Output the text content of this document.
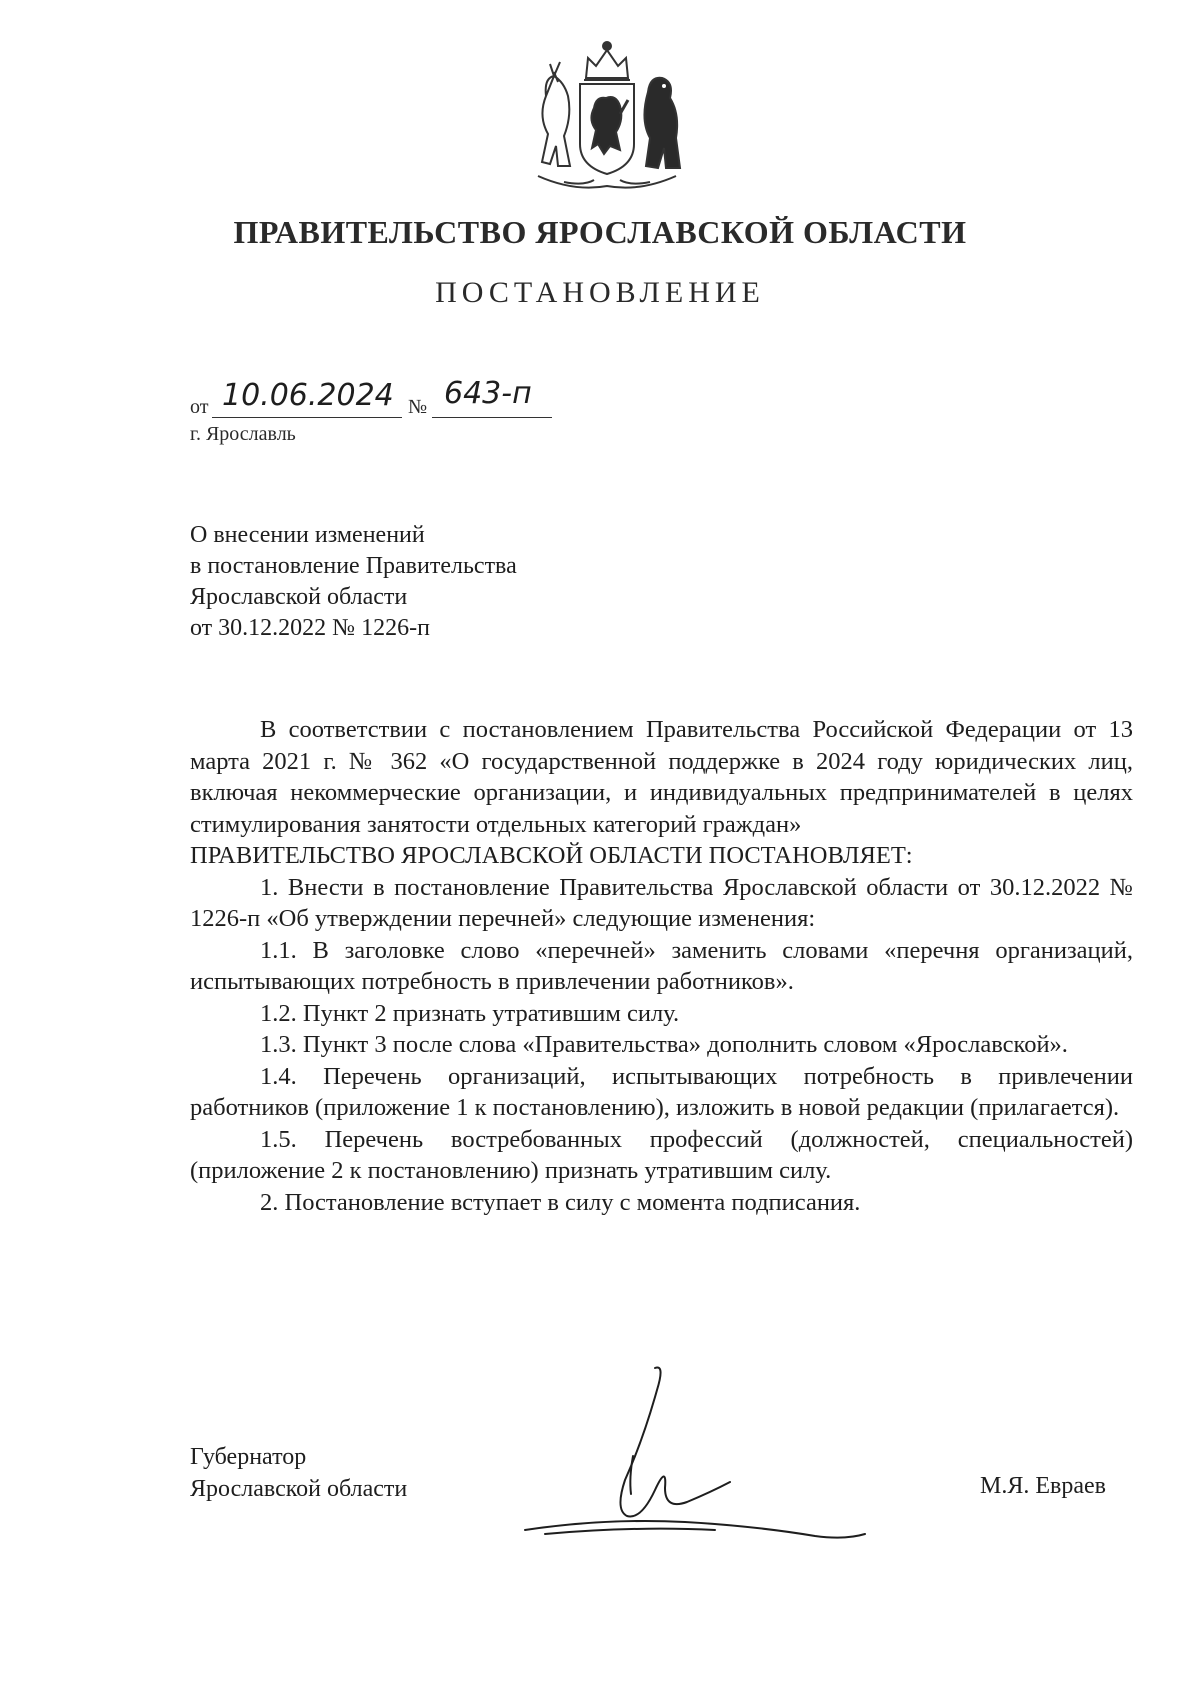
ПРАВИТЕЛЬСТВО ЯРОСЛАВСКОЙ ОБЛАСТИ
ПОСТАНОВЛЕНИЕ
от 10.06.2024 № 643-п
г. Ярославль
О внесении изменений
в постановление Правительства
Ярославской области
от 30.12.2022 № 1226-п

В соответствии с постановлением Правительства Российской Федерации от 13 марта 2021 г. № 362 «О государственной поддержке в 2024 году юридических лиц, включая некоммерческие организации, и индивидуальных предпринимателей в целях стимулирования занятости отдельных категорий граждан»

ПРАВИТЕЛЬСТВО ЯРОСЛАВСКОЙ ОБЛАСТИ ПОСТАНОВЛЯЕТ:

1. Внести в постановление Правительства Ярославской области от 30.12.2022 № 1226-п «Об утверждении перечней» следующие изменения:

1.1. В заголовке слово «перечней» заменить словами «перечня организаций, испытывающих потребность в привлечении работников».

1.2. Пункт 2 признать утратившим силу.

1.3. Пункт 3 после слова «Правительства» дополнить словом «Ярославской».

1.4. Перечень организаций, испытывающих потребность в привлечении работников (приложение 1 к постановлению), изложить в новой редакции (прилагается).

1.5. Перечень востребованных профессий (должностей, специальностей) (приложение 2 к постановлению) признать утратившим силу.

2. Постановление вступает в силу с момента подписания.

Губернатор
Ярославской области	М.Я. Евраев
